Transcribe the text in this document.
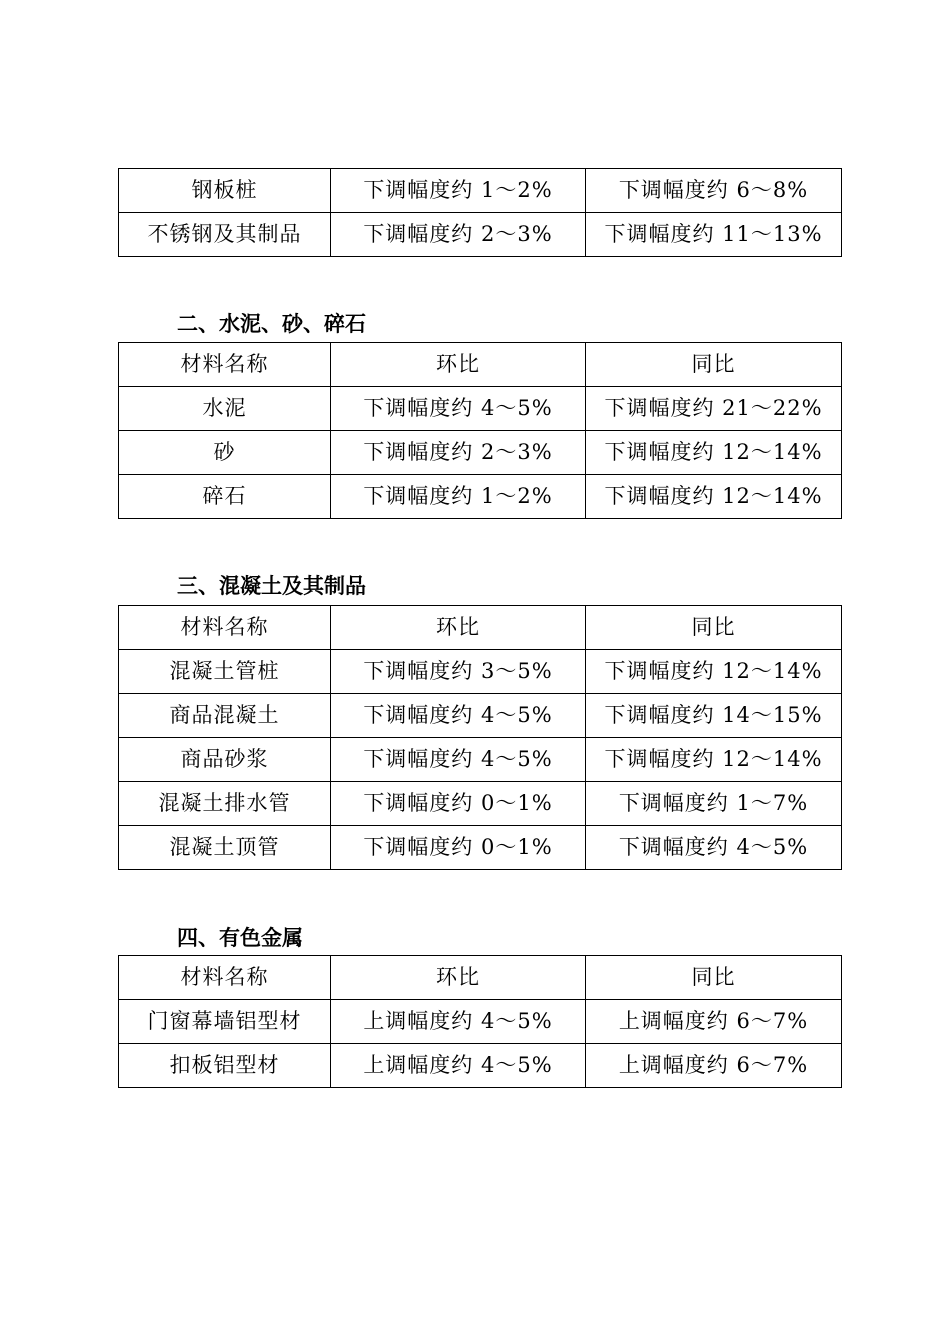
钢板桩	下调幅度约 1～2%	下调幅度约 6～8%
不锈钢及其制品	下调幅度约 2～3%	下调幅度约 11～13%
二、水泥、砂、碎石
材料名称	环比	同比
水泥	下调幅度约 4～5%	下调幅度约 21～22%
砂	下调幅度约 2～3%	下调幅度约 12～14%
碎石	下调幅度约 1～2%	下调幅度约 12～14%
三、混凝土及其制品
材料名称	环比	同比
混凝土管桩	下调幅度约 3～5%	下调幅度约 12～14%
商品混凝土	下调幅度约 4～5%	下调幅度约 14～15%
商品砂浆	下调幅度约 4～5%	下调幅度约 12～14%
混凝土排水管	下调幅度约 0～1%	下调幅度约 1～7%
混凝土顶管	下调幅度约 0～1%	下调幅度约 4～5%
四、有色金属
材料名称	环比	同比
门窗幕墙铝型材	上调幅度约 4～5%	上调幅度约 6～7%
扣板铝型材	上调幅度约 4～5%	上调幅度约 6～7%
